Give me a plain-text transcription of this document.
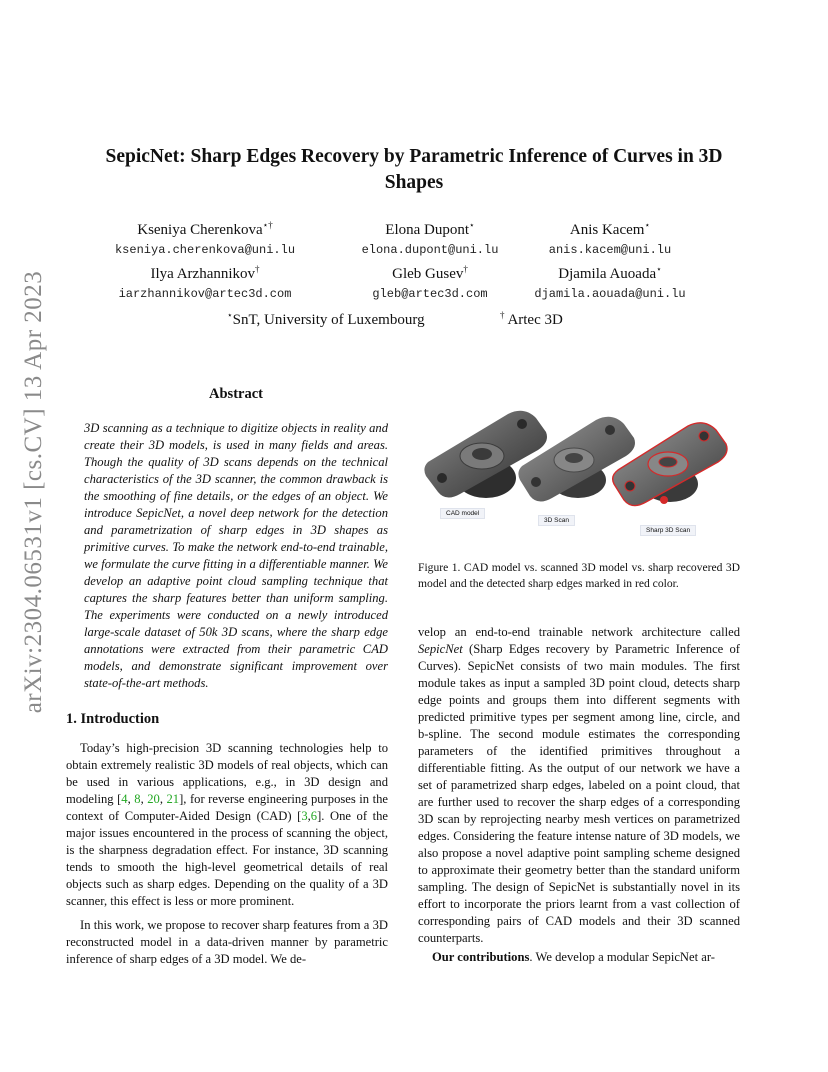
arXiv:2304.06531v1 [cs.CV] 13 Apr 2023
SepicNet: Sharp Edges Recovery by Parametric Inference of Curves in 3D Shapes
Kseniya Cherenkova⋆†
kseniya.cherenkova@uni.lu
Elona Dupont⋆
elona.dupont@uni.lu
Anis Kacem⋆
anis.kacem@uni.lu
Ilya Arzhannikov†
iarzhannikov@artec3d.com
Gleb Gusev†
gleb@artec3d.com
Djamila Auoada⋆
djamila.aouada@uni.lu
⋆SnT, University of Luxembourg	† Artec 3D
Abstract
3D scanning as a technique to digitize objects in reality and create their 3D models, is used in many fields and areas. Though the quality of 3D scans depends on the technical characteristics of the 3D scanner, the common drawback is the smoothing of fine details, or the edges of an object. We introduce SepicNet, a novel deep network for the detection and parametrization of sharp edges in 3D shapes as primitive curves. To make the network end-to-end trainable, we formulate the curve fitting in a differentiable manner. We develop an adaptive point cloud sampling technique that captures the sharp features better than uniform sampling. The experiments were conducted on a newly introduced large-scale dataset of 50k 3D scans, where the sharp edge annotations were extracted from their parametric CAD models, and demonstrate significant improvement over state-of-the-art methods.
1. Introduction
Today’s high-precision 3D scanning technologies help to obtain extremely realistic 3D models of real objects, which can be used in various applications, e.g., in 3D design and modeling [4, 8, 20, 21], for reverse engineering purposes in the context of Computer-Aided Design (CAD) [3,6]. One of the major issues encountered in the process of scanning the object, is the sharpness degradation effect. For instance, 3D scanning tends to smooth the high-level geometrical details of real objects such as sharp edges. Depending on the quality of a 3D scanner, this effect is less or more prominent.
In this work, we propose to recover sharp features from a 3D reconstructed model in a data-driven manner by parametric inference of sharp edges of a 3D model. We de-
CAD model
3D Scan
Sharp 3D Scan
Figure 1. CAD model vs. scanned 3D model vs. sharp recovered 3D model and the detected sharp edges marked in red color.
velop an end-to-end trainable network architecture called SepicNet (Sharp Edges recovery by Parametric Inference of Curves). SepicNet consists of two main modules. The first module takes as input a sampled 3D point cloud, detects sharp edge points and groups them into different segments with predicted primitive types per segment among line, circle, and b-spline. The second module estimates the corresponding parameters of the identified primitives throughout a differentiable fitting. As the output of our network we have a set of parametrized sharp edges, labeled on a point cloud, that are further used to recover the sharp edges of a corresponding 3D scan by reprojecting nearby mesh vertices on parametrized edges. Considering the feature intense nature of 3D models, we also propose a novel adaptive point sampling scheme designed to approximate their geometry better than the standard uniform sampling. The design of SepicNet is substantially novel in its effort to incorporate the priors learnt from a vast collection of corresponding pairs of CAD models and their 3D scanned counterparts.
Our contributions. We develop a modular SepicNet ar-
